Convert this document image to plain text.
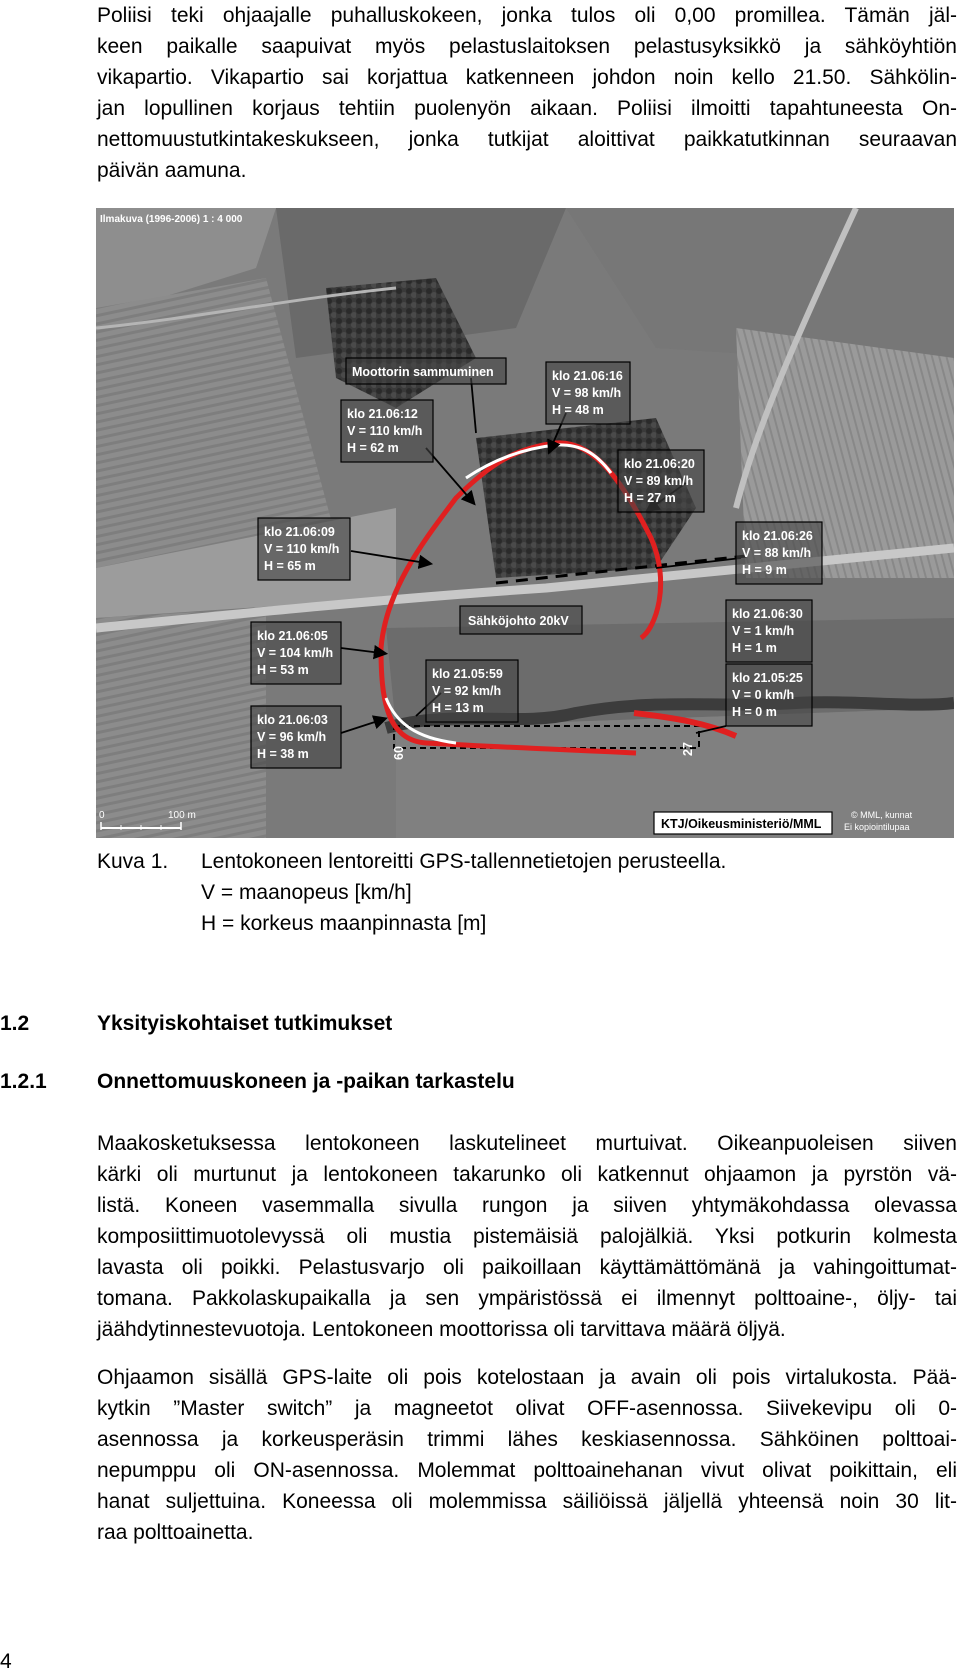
Poliisi teki ohjaajalle puhalluskokeen, jonka tulos oli 0,00 promillea. Tämän jäl-
keen paikalle saapuivat myös pelastuslaitoksen pelastusyksikkö ja sähköyhtiön
vikapartio. Vikapartio sai korjattua katkenneen johdon noin kello 21.50. Sähkölin-
jan lopullinen korjaus tehtiin puolenyön aikaan. Poliisi ilmoitti tapahtuneesta On-
nettomuustutkintakeskukseen, jonka tutkijat aloittivat paikkatutkinnan seuraavan
päivän aamuna.
Moottorin sammuminen
klo 21.06:12
V = 110 km/h
H = 62 m
klo 21.06:16
V = 98 km/h
H = 48 m
klo 21.06:20
V = 89 km/h
H = 27 m
klo 21.06:09
V = 110 km/h
H = 65 m
klo 21.06:26
V = 88 km/h
H = 9 m
klo 21.06:05
V = 104 km/h
H = 53 m
klo 21.06:03
V = 96 km/h
H = 38 m
klo 21.05:59
V = 92 km/h
H = 13 m
klo 21.06:30
V = 1 km/h
H = 1 m
klo 21.05:25
V = 0 km/h
H = 0 m
Sähköjohto 20kV
60	27
Ilmakuva (1996-2006) 1 : 4 000
0	100 m	© MML, kunnat
Ei kopiointilupaa
KTJ/Oikeusministeriö/MML
Kuva 1. Lentokoneen lentoreitti GPS-tallennetietojen perusteella.
V = maanopeus [km/h]
H = korkeus maanpinnasta [m]
1.2	Yksityiskohtaiset tutkimukset
1.2.1 Onnettomuuskoneen ja -paikan tarkastelu
Maakosketuksessa lentokoneen laskutelineet murtuivat. Oikeanpuoleisen siiven
kärki oli murtunut ja lentokoneen takarunko oli katkennut ohjaamon ja pyrstön vä-
listä. Koneen vasemmalla sivulla rungon ja siiven yhtymäkohdassa olevassa
komposiittimuotolevyssä oli mustia pistemäisiä palojälkiä. Yksi potkurin kolmesta
lavasta oli poikki. Pelastusvarjo oli paikoillaan käyttämättömänä ja vahingoittumat-
tomana. Pakkolaskupaikalla ja sen ympäristössä ei ilmennyt polttoaine-, öljy- tai
jäähdytinnestevuotoja. Lentokoneen moottorissa oli tarvittava määrä öljyä.
Ohjaamon sisällä GPS-laite oli pois kotelostaan ja avain oli pois virtalukosta. Pää-
kytkin ”Master switch” ja magneetot olivat OFF-asennossa. Siivekevipu oli 0-
asennossa ja korkeusperäsin trimmi lähes keskiasennossa. Sähköinen polttoai-
nepumppu oli ON-asennossa. Molemmat polttoainehanan vivut olivat poikittain, eli
hanat suljettuina. Koneessa oli molemmissa säiliöissä jäljellä yhteensä noin 30 lit-
raa polttoainetta.
4
